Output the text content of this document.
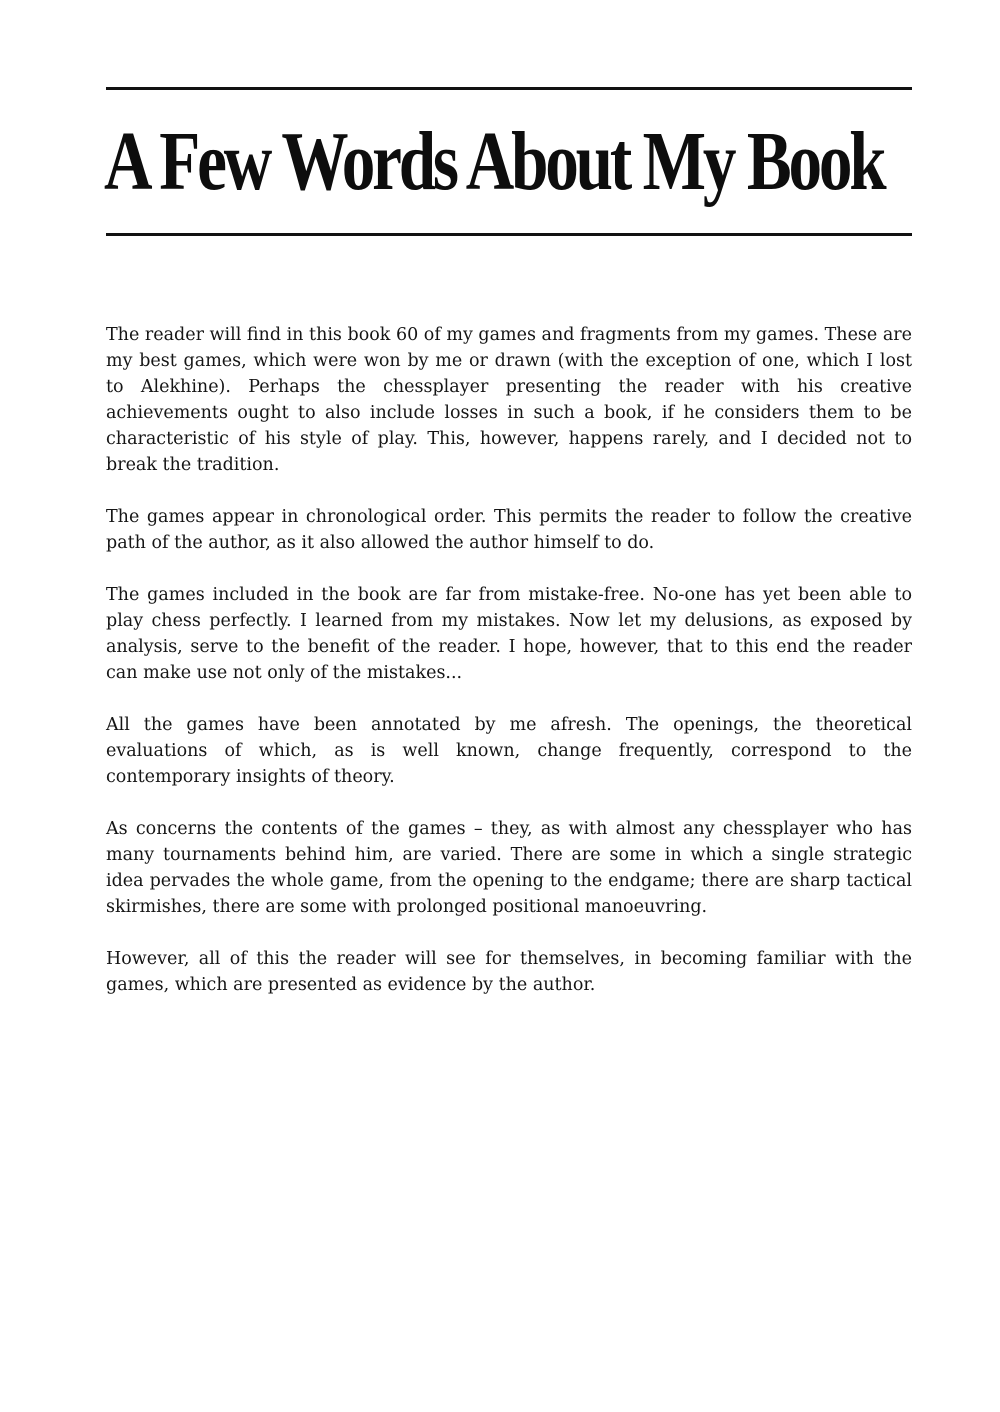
A Few Words About My Book

The reader will find in this book 60 of my games and fragments from my games. These are my best games, which were won by me or drawn (with the exception of one, which I lost to Alekhine). Perhaps the chessplayer presenting the reader with his creative achievements ought to also include losses in such a book, if he considers them to be characteristic of his style of play. This, however, happens rarely, and I decided not to break the tradition.

The games appear in chronological order. This permits the reader to follow the creative path of the author, as it also allowed the author himself to do.

The games included in the book are far from mistake-free. No-one has yet been able to play chess perfectly. I learned from my mistakes. Now let my delusions, as exposed by analysis, serve to the benefit of the reader. I hope, however, that to this end the reader can make use not only of the mistakes...

All the games have been annotated by me afresh. The openings, the theoretical evaluations of which, as is well known, change frequently, correspond to the contemporary insights of theory.

As concerns the contents of the games – they, as with almost any chessplayer who has many tournaments behind him, are varied. There are some in which a single strategic idea pervades the whole game, from the opening to the endgame; there are sharp tactical skirmishes, there are some with prolonged positional manoeuvring.

However, all of this the reader will see for themselves, in becoming familiar with the games, which are presented as evidence by the author.
